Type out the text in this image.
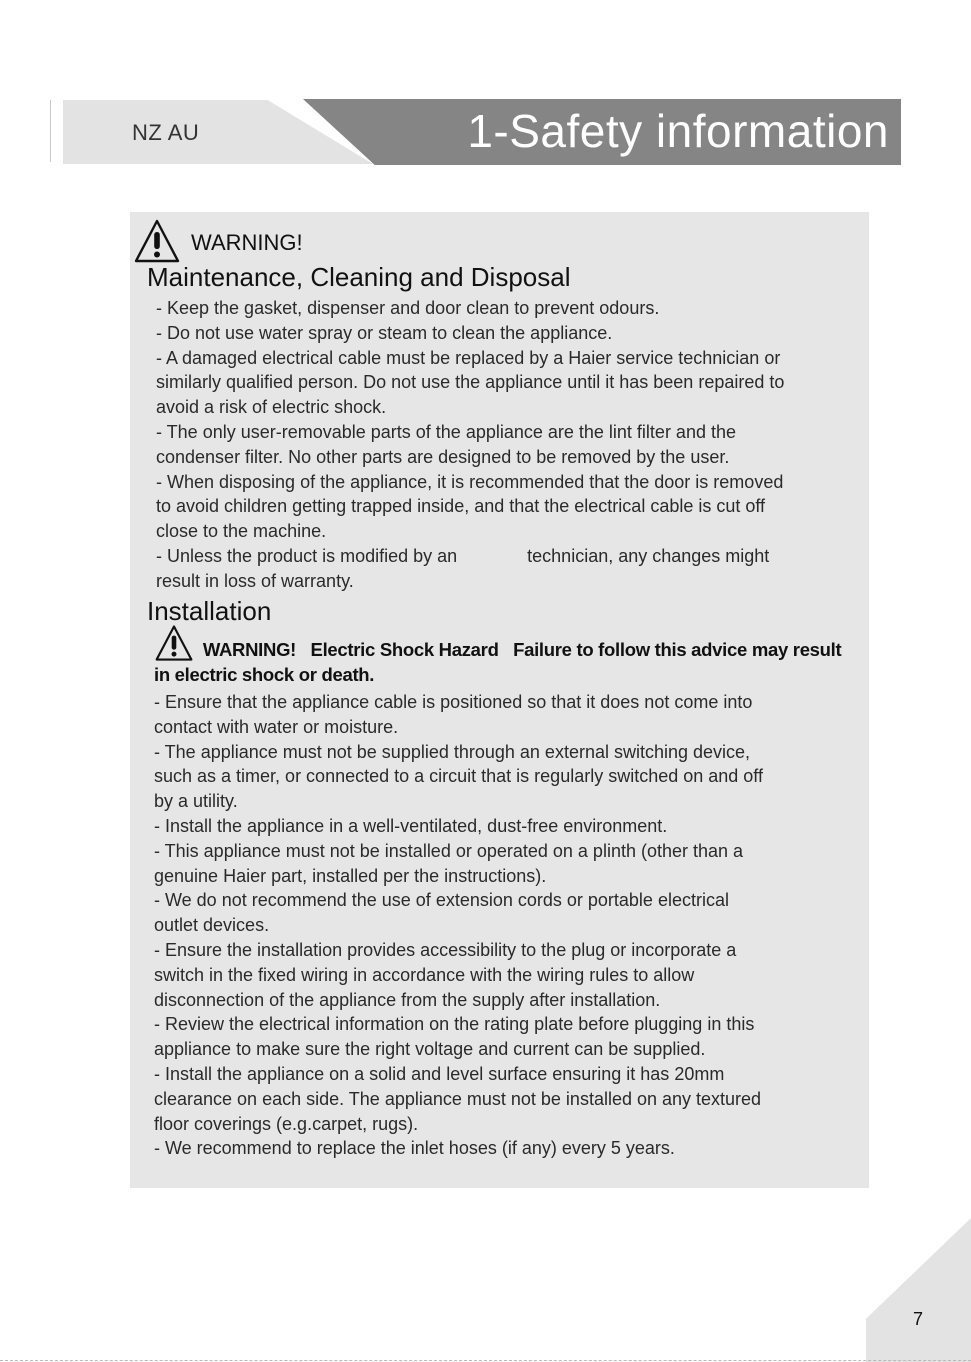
NZ AU	1-Safety information
WARNING!
Maintenance, Cleaning and Disposal
- Keep the gasket, dispenser and door clean to prevent odours.
- Do not use water spray or steam to clean the appliance.
- A damaged electrical cable must be replaced by a Haier service technician or
similarly qualified person. Do not use the appliance until it has been repaired to
avoid a risk of electric shock.
- The only user-removable parts of the appliance are the lint filter and the
condenser filter. No other parts are designed to be removed by the user.
- When disposing of the appliance, it is recommended that the door is removed
to avoid children getting trapped inside, and that the electrical cable is cut off
close to the machine.
- Unless the product is modified by an              technician, any changes might
result in loss of warranty.
Installation
WARNING!   Electric Shock Hazard   Failure to follow this advice may result
in electric shock or death.
- Ensure that the appliance cable is positioned so that it does not come into
contact with water or moisture.
- The appliance must not be supplied through an external switching device,
such as a timer, or connected to a circuit that is regularly switched on and off
by a utility.
- Install the appliance in a well-ventilated, dust-free environment.
- This appliance must not be installed or operated on a plinth (other than a
genuine Haier part, installed per the instructions).
- We do not recommend the use of extension cords or portable electrical
outlet devices.
- Ensure the installation provides accessibility to the plug or incorporate a
switch in the fixed wiring in accordance with the wiring rules to allow
disconnection of the appliance from the supply after installation.
- Review the electrical information on the rating plate before plugging in this
appliance to make sure the right voltage and current can be supplied.
- Install the appliance on a solid and level surface ensuring it has 20mm
clearance on each side. The appliance must not be installed on any textured
floor coverings (e.g.carpet, rugs).
- We recommend to replace the inlet hoses (if any) every 5 years.
7
